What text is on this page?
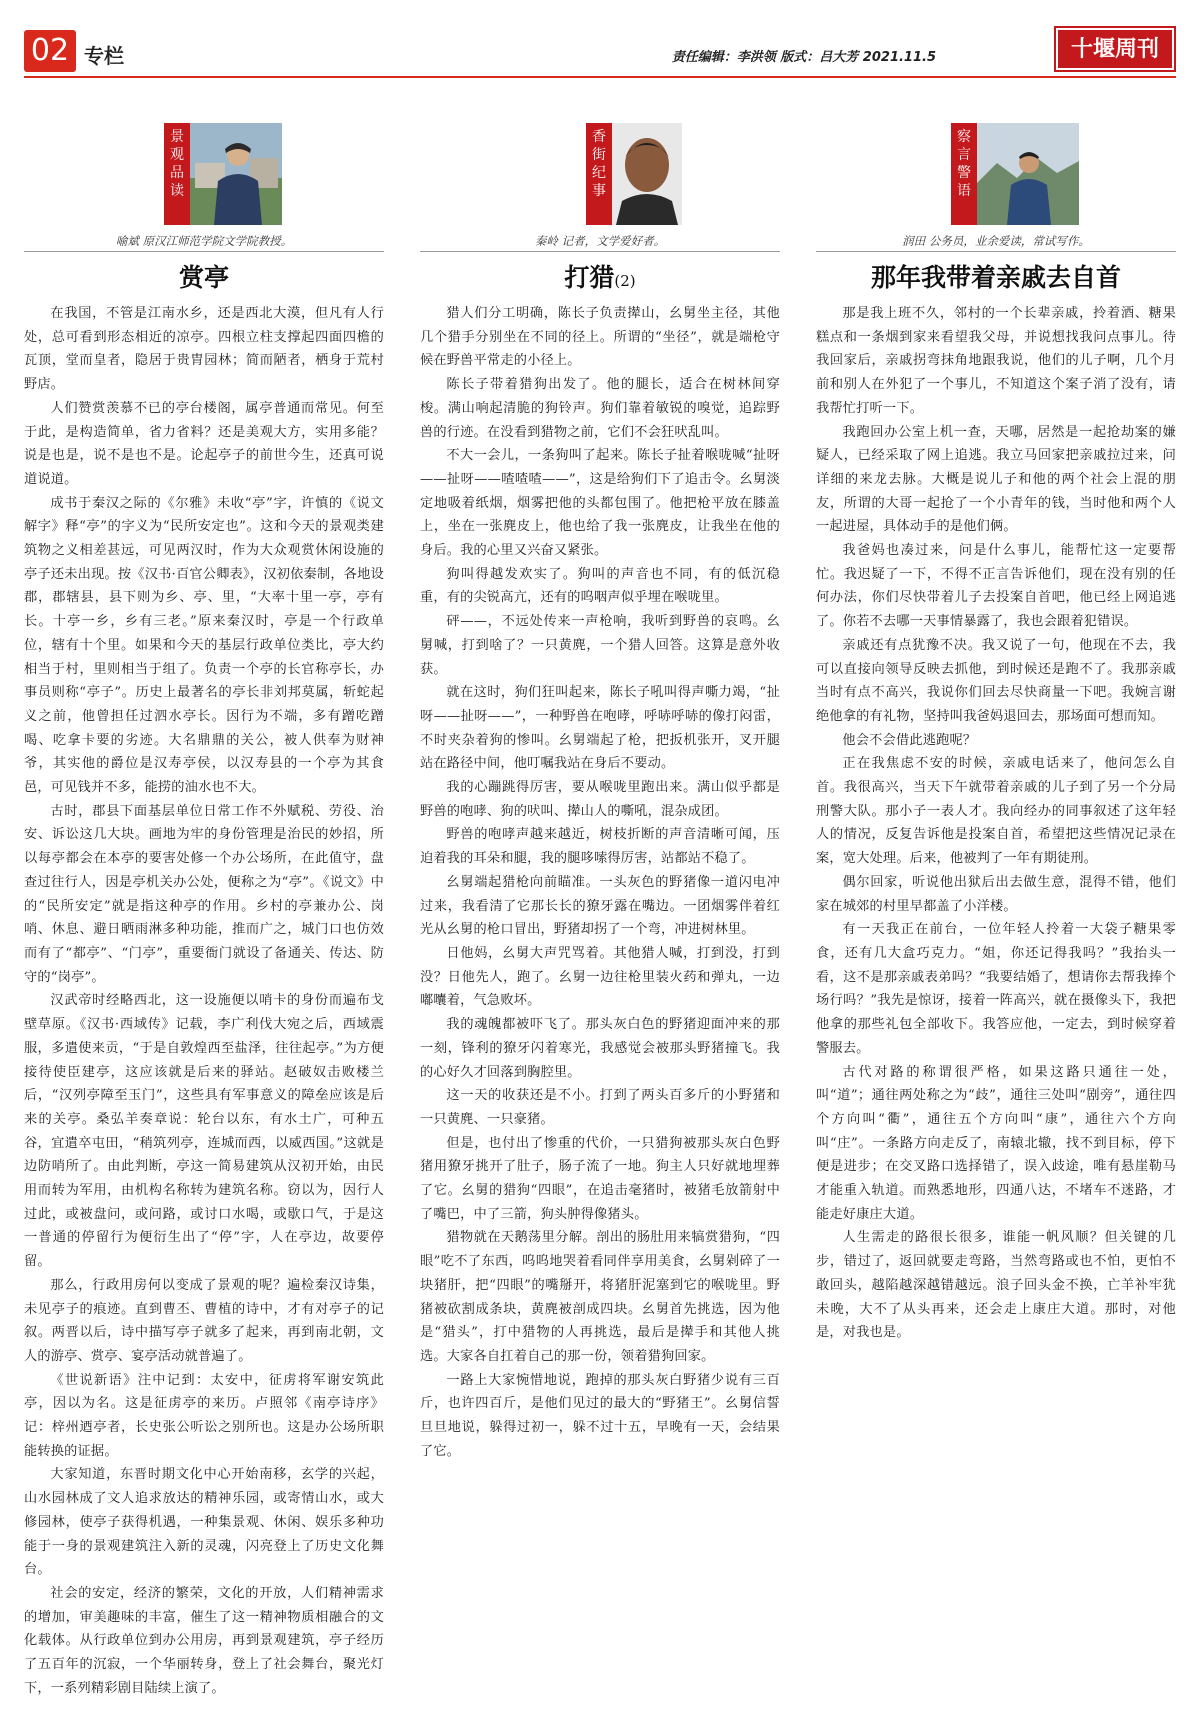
02 专栏	责任编辑：李洪领 版式：吕大芳 2021.11.5	十堰周刊
景观品读
喻斌 原汉江师范学院文学院教授。
赏亭

在我国，不管是江南水乡，还是西北大漠，但凡有人行处，总可看到形态相近的凉亭。四根立柱支撑起四面四檐的瓦顶，堂而皇者，隐居于贵胄园林；简而陋者，栖身于荒村野店。

人们赞赏羡慕不已的亭台楼阁，属亭普通而常见。何至于此，是构造简单，省力省料？还是美观大方，实用多能？说是也是，说不是也不是。论起亭子的前世今生，还真可说道说道。

成书于秦汉之际的《尔雅》未收“亭”字，许慎的《说文解字》释“亭”的字义为“民所安定也”。这和今天的景观类建筑物之义相差甚远，可见两汉时，作为大众观赏休闲设施的亭子还未出现。按《汉书·百官公卿表》，汉初依秦制，各地设郡，郡辖县，县下则为乡、亭、里，“大率十里一亭，亭有长。十亭一乡，乡有三老。”原来秦汉时，亭是一个行政单位，辖有十个里。如果和今天的基层行政单位类比，亭大约相当于村，里则相当于组了。负责一个亭的长官称亭长，办事员则称“亭子”。历史上最著名的亭长非刘邦莫属，斩蛇起义之前，他曾担任过泗水亭长。因行为不端，多有蹭吃蹭喝、吃拿卡要的劣迹。大名鼎鼎的关公，被人供奉为财神爷，其实他的爵位是汉寿亭侯，以汉寿县的一个亭为其食邑，可见钱并不多，能捞的油水也不大。

古时，郡县下面基层单位日常工作不外赋税、劳役、治安、诉讼这几大块。画地为牢的身份管理是治民的妙招，所以每亭都会在本亭的要害处修一个办公场所，在此值守，盘查过往行人，因是亭机关办公处，便称之为“亭”。《说文》中的“民所安定”就是指这种亭的作用。乡村的亭兼办公、岗哨、休息、避日晒雨淋多种功能，推而广之，城门口也仿效而有了“都亭”、“门亭”，重要衙门就设了备通关、传达、防守的“岗亭”。

汉武帝时经略西北，这一设施便以哨卡的身份而遍布戈壁草原。《汉书·西域传》记载，李广利伐大宛之后，西域震服，多遣使来贡，“于是自敦煌西至盐泽，往往起亭。”为方便接待使臣建亭，这应该就是后来的驿站。赵破奴击败楼兰后，“汉列亭障至玉门”，这些具有军事意义的障垒应该是后来的关亭。桑弘羊奏章说：轮台以东，有水土广，可种五谷，宜遣卒屯田，“稍筑列亭，连城而西，以威西国。”这就是边防哨所了。由此判断，亭这一简易建筑从汉初开始，由民用而转为军用，由机构名称转为建筑名称。窃以为，因行人过此，或被盘问，或问路，或讨口水喝，或歇口气，于是这一普通的停留行为便衍生出了“停”字，人在亭边，故要停留。

那么，行政用房何以变成了景观的呢？遍检秦汉诗集，未见亭子的痕迹。直到曹丕、曹植的诗中，才有对亭子的记叙。两晋以后，诗中描写亭子就多了起来，再到南北朝，文人的游亭、赏亭、宴亭活动就普遍了。

《世说新语》注中记到：太安中，征虏将军谢安筑此亭，因以为名。这是征虏亭的来历。卢照邻《南亭诗序》记：梓州迺亭者，长史张公听讼之别所也。这是办公场所职能转换的证据。

大家知道，东晋时期文化中心开始南移，玄学的兴起，山水园林成了文人追求放达的精神乐园，或寄情山水，或大修园林，使亭子获得机遇，一种集景观、休闲、娱乐多种功能于一身的景观建筑注入新的灵魂，闪亮登上了历史文化舞台。

社会的安定，经济的繁荣，文化的开放，人们精神需求的增加，审美趣味的丰富，催生了这一精神物质相融合的文化载体。从行政单位到办公用房，再到景观建筑，亭子经历了五百年的沉寂，一个华丽转身，登上了社会舞台，聚光灯下，一系列精彩剧目陆续上演了。

香街纪事
秦岭 记者，文学爱好者。
打猎(2)

猎人们分工明确，陈长子负责撵山，幺舅坐主径，其他几个猎手分别坐在不同的径上。所谓的“坐径”，就是端枪守候在野兽平常走的小径上。

陈长子带着猎狗出发了。他的腿长，适合在树林间穿梭。满山响起清脆的狗铃声。狗们靠着敏锐的嗅觉，追踪野兽的行迹。在没看到猎物之前，它们不会狂吠乱叫。

不大一会儿，一条狗叫了起来。陈长子扯着喉咙喊“扯呀——扯呀——喳喳喳——”，这是给狗们下了追击令。幺舅淡定地吸着纸烟，烟雾把他的头都包围了。他把枪平放在膝盖上，坐在一张麂皮上，他也给了我一张麂皮，让我坐在他的身后。我的心里又兴奋又紧张。

狗叫得越发欢实了。狗叫的声音也不同，有的低沉稳重，有的尖锐高亢，还有的呜咽声似乎埋在喉咙里。

砰——，不远处传来一声枪响，我听到野兽的哀鸣。幺舅喊，打到啥了？一只黄麂，一个猎人回答。这算是意外收获。

就在这时，狗们狂叫起来，陈长子吼叫得声嘶力竭，“扯呀——扯呀——”，一种野兽在咆哮，呼哧呼哧的像打闷雷，不时夹杂着狗的惨叫。幺舅端起了枪，把扳机张开，叉开腿站在路径中间，他叮嘱我站在身后不要动。

我的心蹦跳得厉害，要从喉咙里跑出来。满山似乎都是野兽的咆哮、狗的吠叫、撵山人的嘶吼，混杂成团。

野兽的咆哮声越来越近，树枝折断的声音清晰可闻，压迫着我的耳朵和腿，我的腿哆嗦得厉害，站都站不稳了。

幺舅端起猎枪向前瞄准。一头灰色的野猪像一道闪电冲过来，我看清了它那长长的獠牙露在嘴边。一团烟雾伴着红光从幺舅的枪口冒出，野猪却拐了一个弯，冲进树林里。

日他妈，幺舅大声咒骂着。其他猎人喊，打到没，打到没？日他先人，跑了。幺舅一边往枪里装火药和弹丸，一边嘟囔着，气急败坏。

我的魂魄都被吓飞了。那头灰白色的野猪迎面冲来的那一刻，锋利的獠牙闪着寒光，我感觉会被那头野猪撞飞。我的心好久才回落到胸腔里。

这一天的收获还是不小。打到了两头百多斤的小野猪和一只黄麂、一只豪猪。

但是，也付出了惨重的代价，一只猎狗被那头灰白色野猪用獠牙挑开了肚子，肠子流了一地。狗主人只好就地埋葬了它。幺舅的猎狗“四眼”，在追击毫猪时，被猪毛放箭射中了嘴巴，中了三箭，狗头肿得像猪头。

猎物就在天鹅荡里分解。剖出的肠肚用来犒赏猎狗，“四眼”吃不了东西，呜呜地哭着看同伴享用美食，幺舅剁碎了一块猪肝，把“四眼”的嘴掰开，将猪肝泥塞到它的喉咙里。野猪被砍割成条块，黄麂被剖成四块。幺舅首先挑选，因为他是“猎头”，打中猎物的人再挑选，最后是撵手和其他人挑选。大家各自扛着自己的那一份，领着猎狗回家。

一路上大家惋惜地说，跑掉的那头灰白野猪少说有三百斤，也许四百斤，是他们见过的最大的“野猪王”。幺舅信誓旦旦地说，躲得过初一，躲不过十五，早晚有一天，会结果了它。

察言警语
润田 公务员，业余爱读，常试写作。
那年我带着亲戚去自首

那是我上班不久，邻村的一个长辈亲戚，拎着酒、糖果糕点和一条烟到家来看望我父母，并说想找我问点事儿。待我回家后，亲戚拐弯抹角地跟我说，他们的儿子啊，几个月前和别人在外犯了一个事儿，不知道这个案子消了没有，请我帮忙打听一下。

我跑回办公室上机一查，天哪，居然是一起抢劫案的嫌疑人，已经采取了网上追逃。我立马回家把亲戚拉过来，问详细的来龙去脉。大概是说儿子和他的两个社会上混的朋友，所谓的大哥一起抢了一个小青年的钱，当时他和两个人一起进屋，具体动手的是他们俩。

我爸妈也凑过来，问是什么事儿，能帮忙这一定要帮忙。我迟疑了一下，不得不正言告诉他们，现在没有别的任何办法，你们尽快带着儿子去投案自首吧，他已经上网追逃了。你若不去哪一天事情暴露了，我也会跟着犯错误。

亲戚还有点犹豫不决。我又说了一句，他现在不去，我可以直接向领导反映去抓他，到时候还是跑不了。我那亲戚当时有点不高兴，我说你们回去尽快商量一下吧。我婉言谢绝他拿的有礼物，坚持叫我爸妈退回去，那场面可想而知。

他会不会借此逃跑呢？

正在我焦虑不安的时候，亲戚电话来了，他问怎么自首。我很高兴，当天下午就带着亲戚的儿子到了另一个分局刑警大队。那小子一表人才。我向经办的同事叙述了这年轻人的情况，反复告诉他是投案自首，希望把这些情况记录在案，宽大处理。后来，他被判了一年有期徒刑。

偶尔回家，听说他出狱后出去做生意，混得不错，他们家在城郊的村里早都盖了小洋楼。

有一天我正在前台，一位年轻人拎着一大袋子糖果零食，还有几大盒巧克力。“姐，你还记得我吗？”我抬头一看，这不是那亲戚表弟吗？“我要结婚了，想请你去帮我捧个场行吗？”我先是惊讶，接着一阵高兴，就在摄像头下，我把他拿的那些礼包全部收下。我答应他，一定去，到时候穿着警服去。

古代对路的称谓很严格，如果这路只通往一处，叫“道”；通往两处称之为“歧”，通往三处叫“剧旁”，通往四个方向叫“衢”，通往五个方向叫“康”，通往六个方向叫“庄”。一条路方向走反了，南辕北辙，找不到目标，停下便是进步；在交叉路口选择错了，误入歧途，唯有悬崖勒马才能重入轨道。而熟悉地形，四通八达，不堵车不迷路，才能走好康庄大道。

人生需走的路很长很多，谁能一帆风顺？但关键的几步，错过了，返回就要走弯路，当然弯路或也不怕，更怕不敢回头，越陷越深越错越远。浪子回头金不换，亡羊补牢犹未晚，大不了从头再来，还会走上康庄大道。那时，对他是，对我也是。
